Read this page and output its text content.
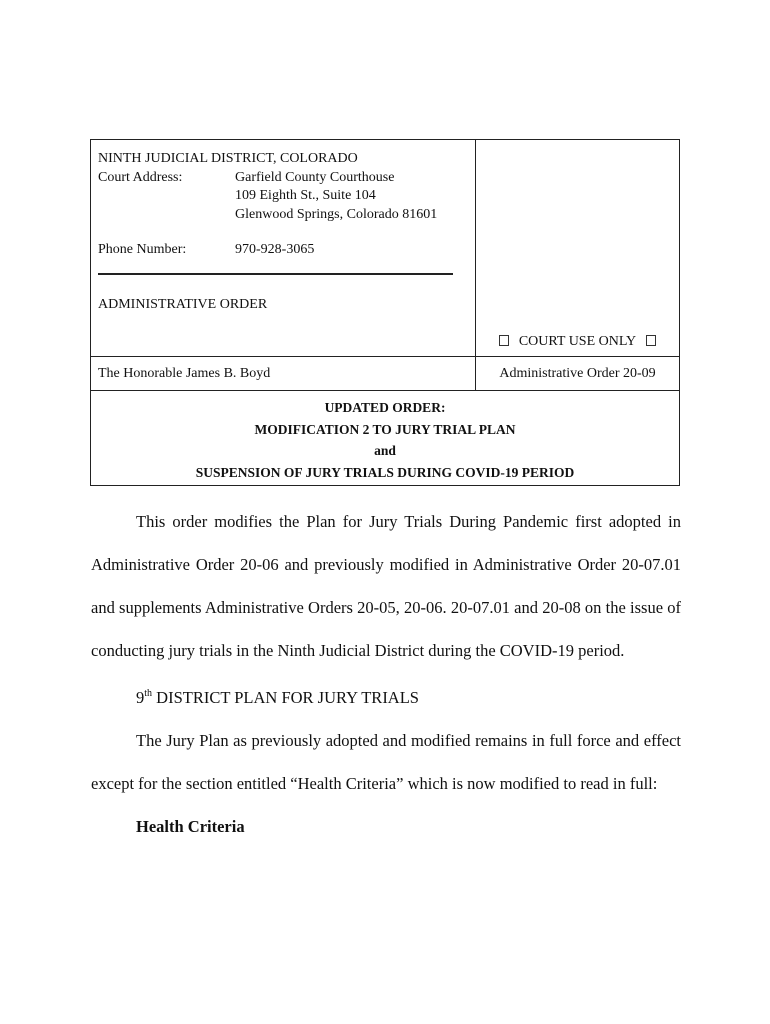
NINTH JUDICIAL DISTRICT, COLORADO
Court Address:	Garfield County Courthouse
109 Eighth St., Suite 104
Glenwood Springs, Colorado 81601
Phone Number:	970-928-3065
ADMINISTRATIVE ORDER
COURT USE ONLY
The Honorable James B. Boyd	Administrative Order 20-09
UPDATED ORDER:
MODIFICATION 2 TO JURY TRIAL PLAN
and
SUSPENSION OF JURY TRIALS DURING COVID-19 PERIOD

This order modifies the Plan for Jury Trials During Pandemic first adopted in Administrative Order 20-06 and previously modified in Administrative Order 20-07.01 and supplements Administrative Orders 20-05, 20-06. 20-07.01 and 20-08 on the issue of conducting jury trials in the Ninth Judicial District during the COVID-19 period.

9th DISTRICT PLAN FOR JURY TRIALS

The Jury Plan as previously adopted and modified remains in full force and effect except for the section entitled “Health Criteria” which is now modified to read in full:

Health Criteria
